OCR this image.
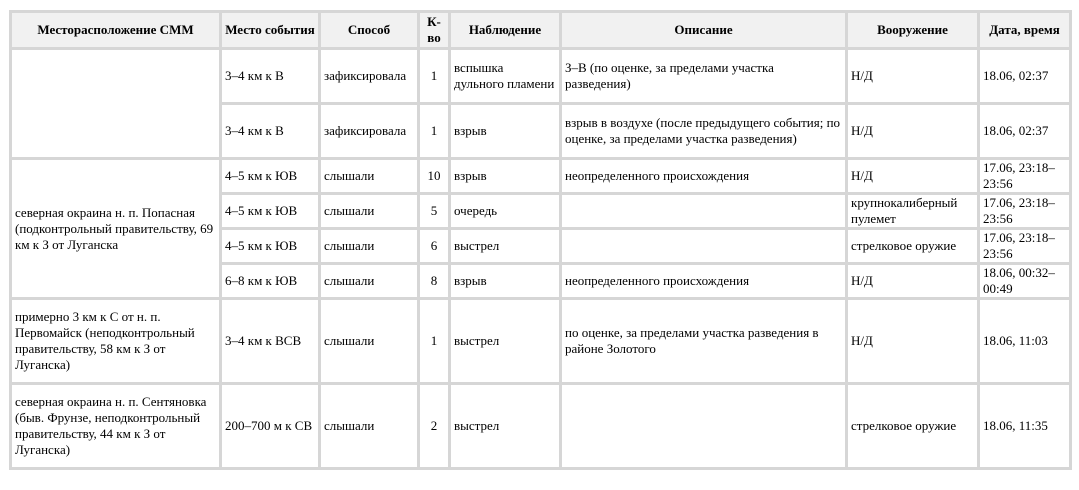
Месторасположение СММ	Место события	Способ	К-во	Наблюдение	Описание	Вооружение	Дата, время
	3–4 км к В	зафиксировала	1	вспышка дульного пламени	З–В (по оценке, за пределами участка разведения)	Н/Д	18.06, 02:37
	3–4 км к В	зафиксировала	1	взрыв	взрыв в воздухе (после предыдущего события; по оценке, за пределами участка разведения)	Н/Д	18.06, 02:37
северная окраина н. п. Попасная (подконтрольный правительству, 69 км к З от Луганска	4–5 км к ЮВ	слышали	10	взрыв	неопределенного происхождения	Н/Д	17.06, 23:18–23:56
	4–5 км к ЮВ	слышали	5	очередь		крупнокалиберный пулемет	17.06, 23:18–23:56
	4–5 км к ЮВ	слышали	6	выстрел		стрелковое оружие	17.06, 23:18–23:56
	6–8 км к ЮВ	слышали	8	взрыв	неопределенного происхождения	Н/Д	18.06, 00:32–00:49
примерно 3 км к С от н. п. Первомайск (неподконтрольный правительству, 58 км к З от Луганска)	3–4 км к ВСВ	слышали	1	выстрел	по оценке, за пределами участка разведения в районе Золотого	Н/Д	18.06, 11:03
северная окраина н. п. Сентяновка (быв. Фрунзе, неподконтрольный правительству, 44 км к З от Луганска)	200–700 м к СВ	слышали	2	выстрел		стрелковое оружие	18.06, 11:35
